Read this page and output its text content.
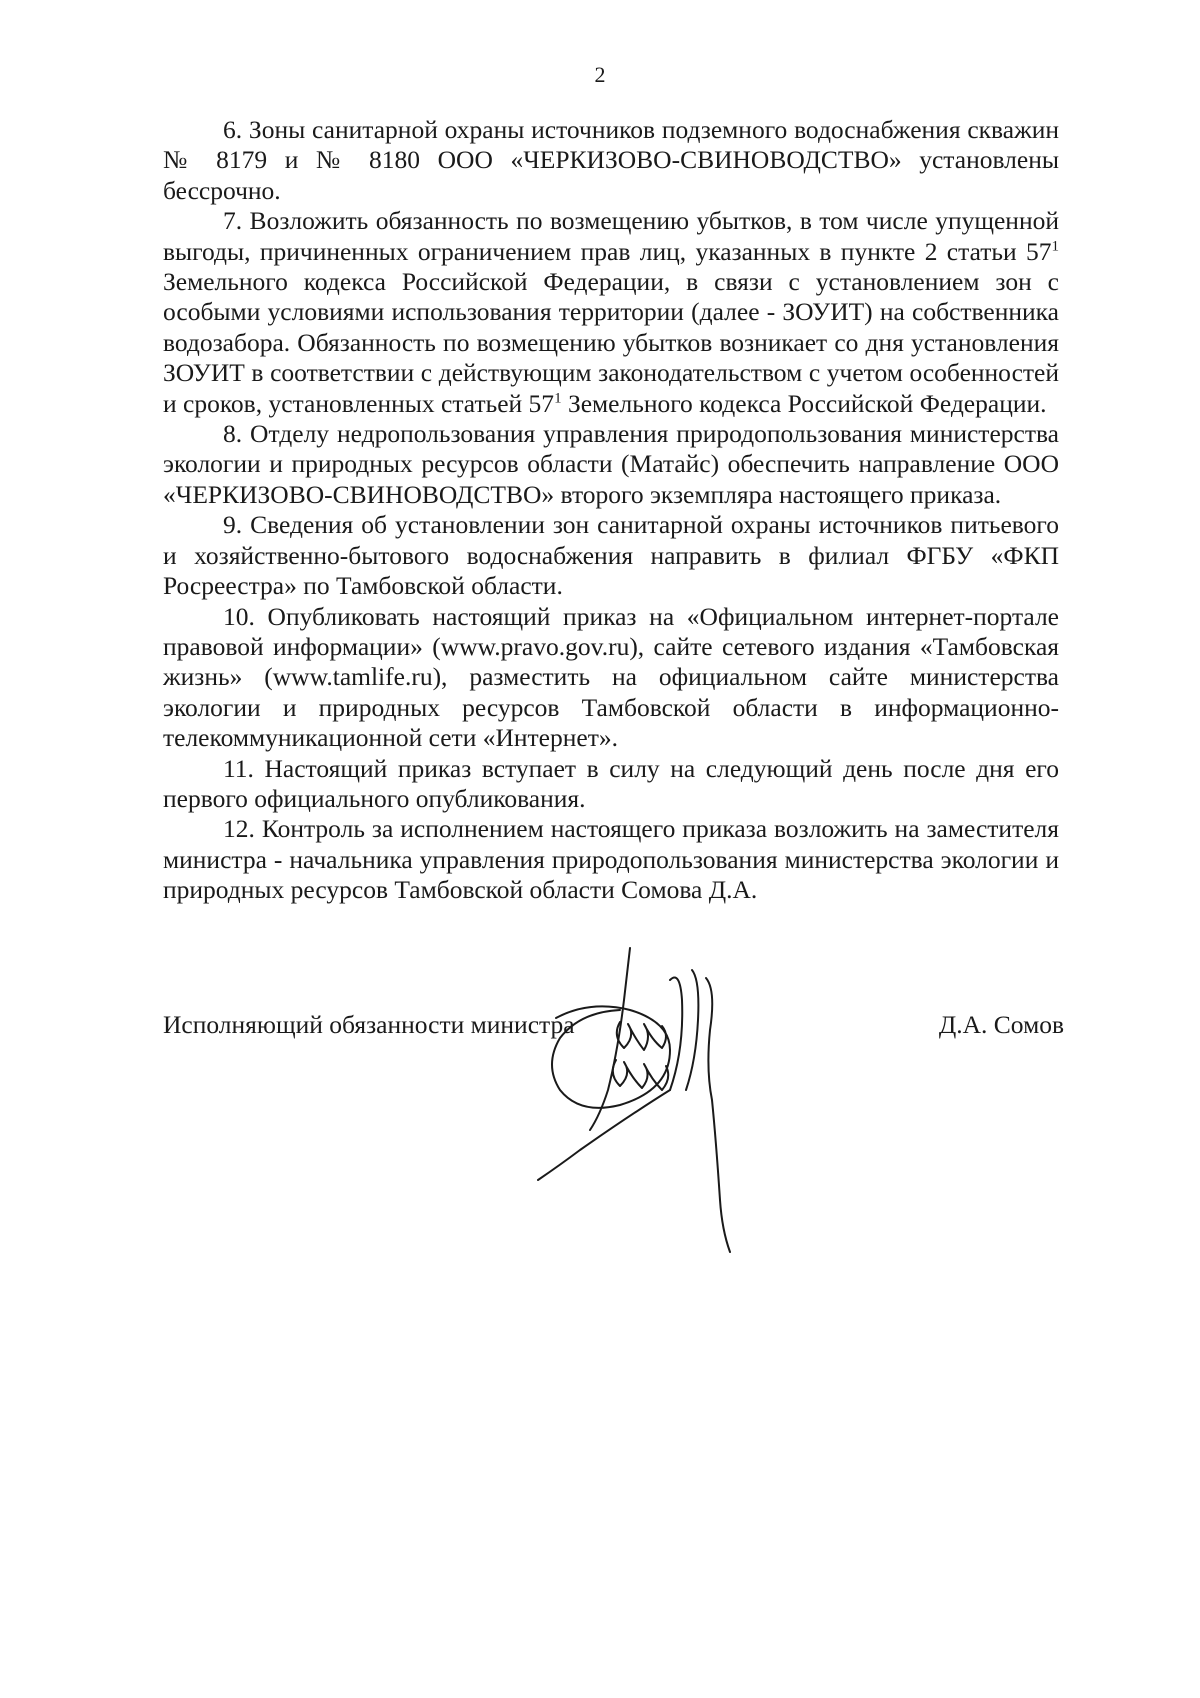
2

6. Зоны санитарной охраны источников подземного водоснабжения скважин № 8179 и № 8180 ООО «ЧЕРКИЗОВО-СВИНОВОДСТВО» установлены бессрочно.

7. Возложить обязанность по возмещению убытков, в том числе упущенной выгоды, причиненных ограничением прав лиц, указанных в пункте 2 статьи $57^1$ Земельного кодекса Российской Федерации, в связи с установлением зон с особыми условиями использования территории (далее - ЗОУИТ) на собственника водозабора. Обязанность по возмещению убытков возникает со дня установления ЗОУИТ в соответствии с действующим законодательством с учетом особенностей и сроков, установленных статьей $57^1$ Земельного кодекса Российской Федерации.

8. Отделу недропользования управления природопользования министерства экологии и природных ресурсов области (Матайс) обеспечить направление ООО «ЧЕРКИЗОВО-СВИНОВОДСТВО» второго экземпляра настоящего приказа.

9. Сведения об установлении зон санитарной охраны источников питьевого и хозяйственно-бытового водоснабжения направить в филиал ФГБУ «ФКП Росреестра» по Тамбовской области.

10. Опубликовать настоящий приказ на «Официальном интернет-портале правовой информации» (www.pravo.gov.ru), сайте сетевого издания «Тамбовская жизнь» (www.tamlife.ru), разместить на официальном сайте министерства экологии и природных ресурсов Тамбовской области в информационно-телекоммуникационной сети «Интернет».

11. Настоящий приказ вступает в силу на следующий день после дня его первого официального опубликования.

12. Контроль за исполнением настоящего приказа возложить на заместителя министра - начальника управления природопользования министерства экологии и природных ресурсов Тамбовской области Сомова Д.А.

Исполняющий обязанности министра	Д.А. Сомов
